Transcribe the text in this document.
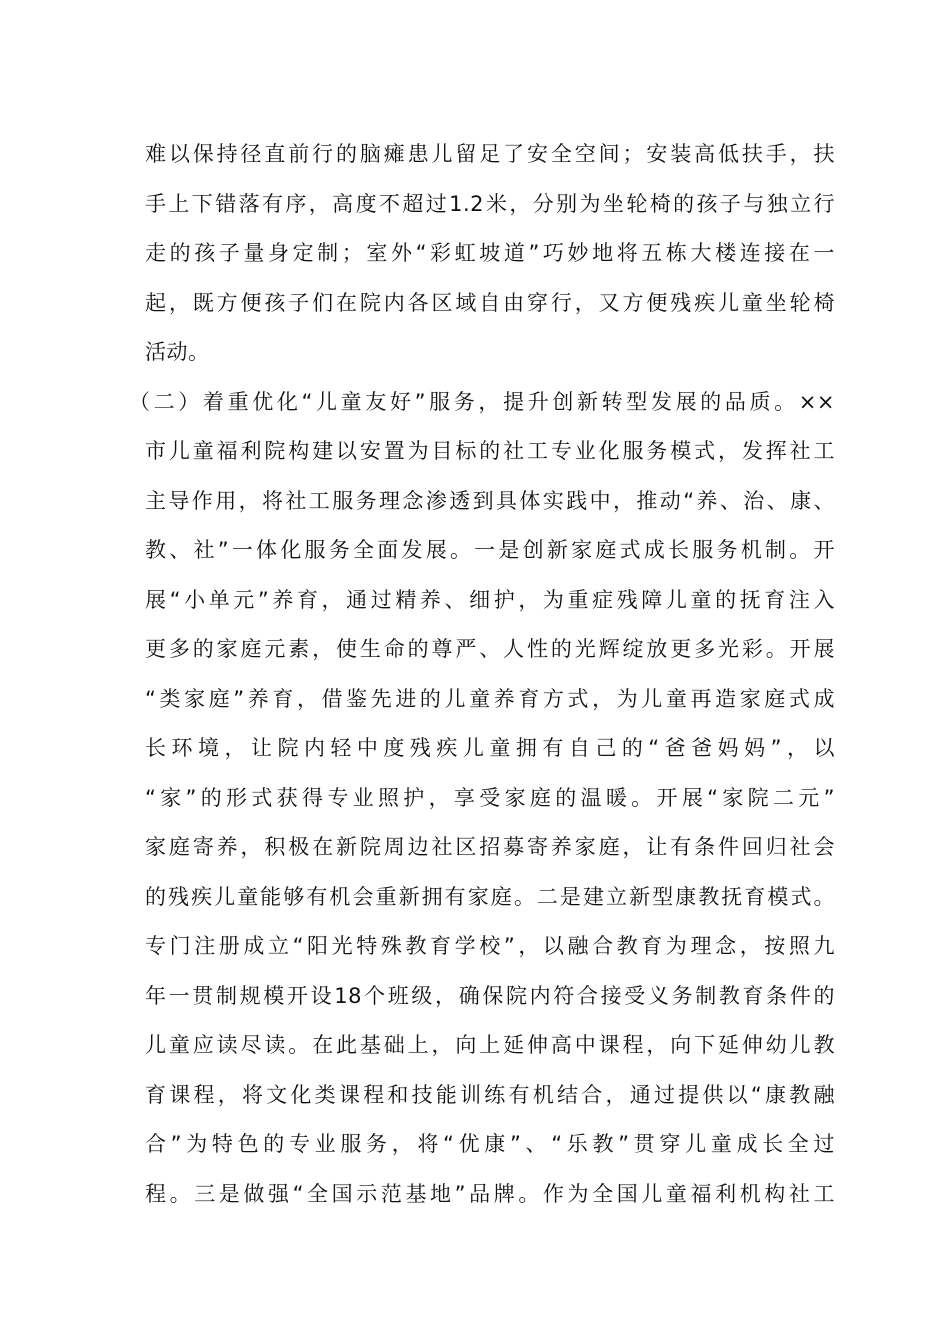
难以保持径直前行的脑瘫患儿留足了安全空间；安装高低扶手，扶
手上下错落有序，高度不超过1.2米，分别为坐轮椅的孩子与独立行
走的孩子量身定制；室外“彩虹坡道”巧妙地将五栋大楼连接在一
起，既方便孩子们在院内各区域自由穿行，又方便残疾儿童坐轮椅
活动。
（二）着重优化“儿童友好”服务，提升创新转型发展的品质。××
市儿童福利院构建以安置为目标的社工专业化服务模式，发挥社工
主导作用，将社工服务理念渗透到具体实践中，推动“养、治、康、
教、社”一体化服务全面发展。一是创新家庭式成长服务机制。开
展“小单元”养育，通过精养、细护，为重症残障儿童的抚育注入
更多的家庭元素，使生命的尊严、人性的光辉绽放更多光彩。开展
“类家庭”养育，借鉴先进的儿童养育方式，为儿童再造家庭式成
长环境，让院内轻中度残疾儿童拥有自己的“爸爸妈妈”，以
“家”的形式获得专业照护，享受家庭的温暖。开展“家院二元”
家庭寄养，积极在新院周边社区招募寄养家庭，让有条件回归社会
的残疾儿童能够有机会重新拥有家庭。二是建立新型康教抚育模式。
专门注册成立“阳光特殊教育学校”，以融合教育为理念，按照九
年一贯制规模开设18个班级，确保院内符合接受义务制教育条件的
儿童应读尽读。在此基础上，向上延伸高中课程，向下延伸幼儿教
育课程，将文化类课程和技能训练有机结合，通过提供以“康教融
合”为特色的专业服务，将“优康”、“乐教”贯穿儿童成长全过
程。三是做强“全国示范基地”品牌。作为全国儿童福利机构社工
